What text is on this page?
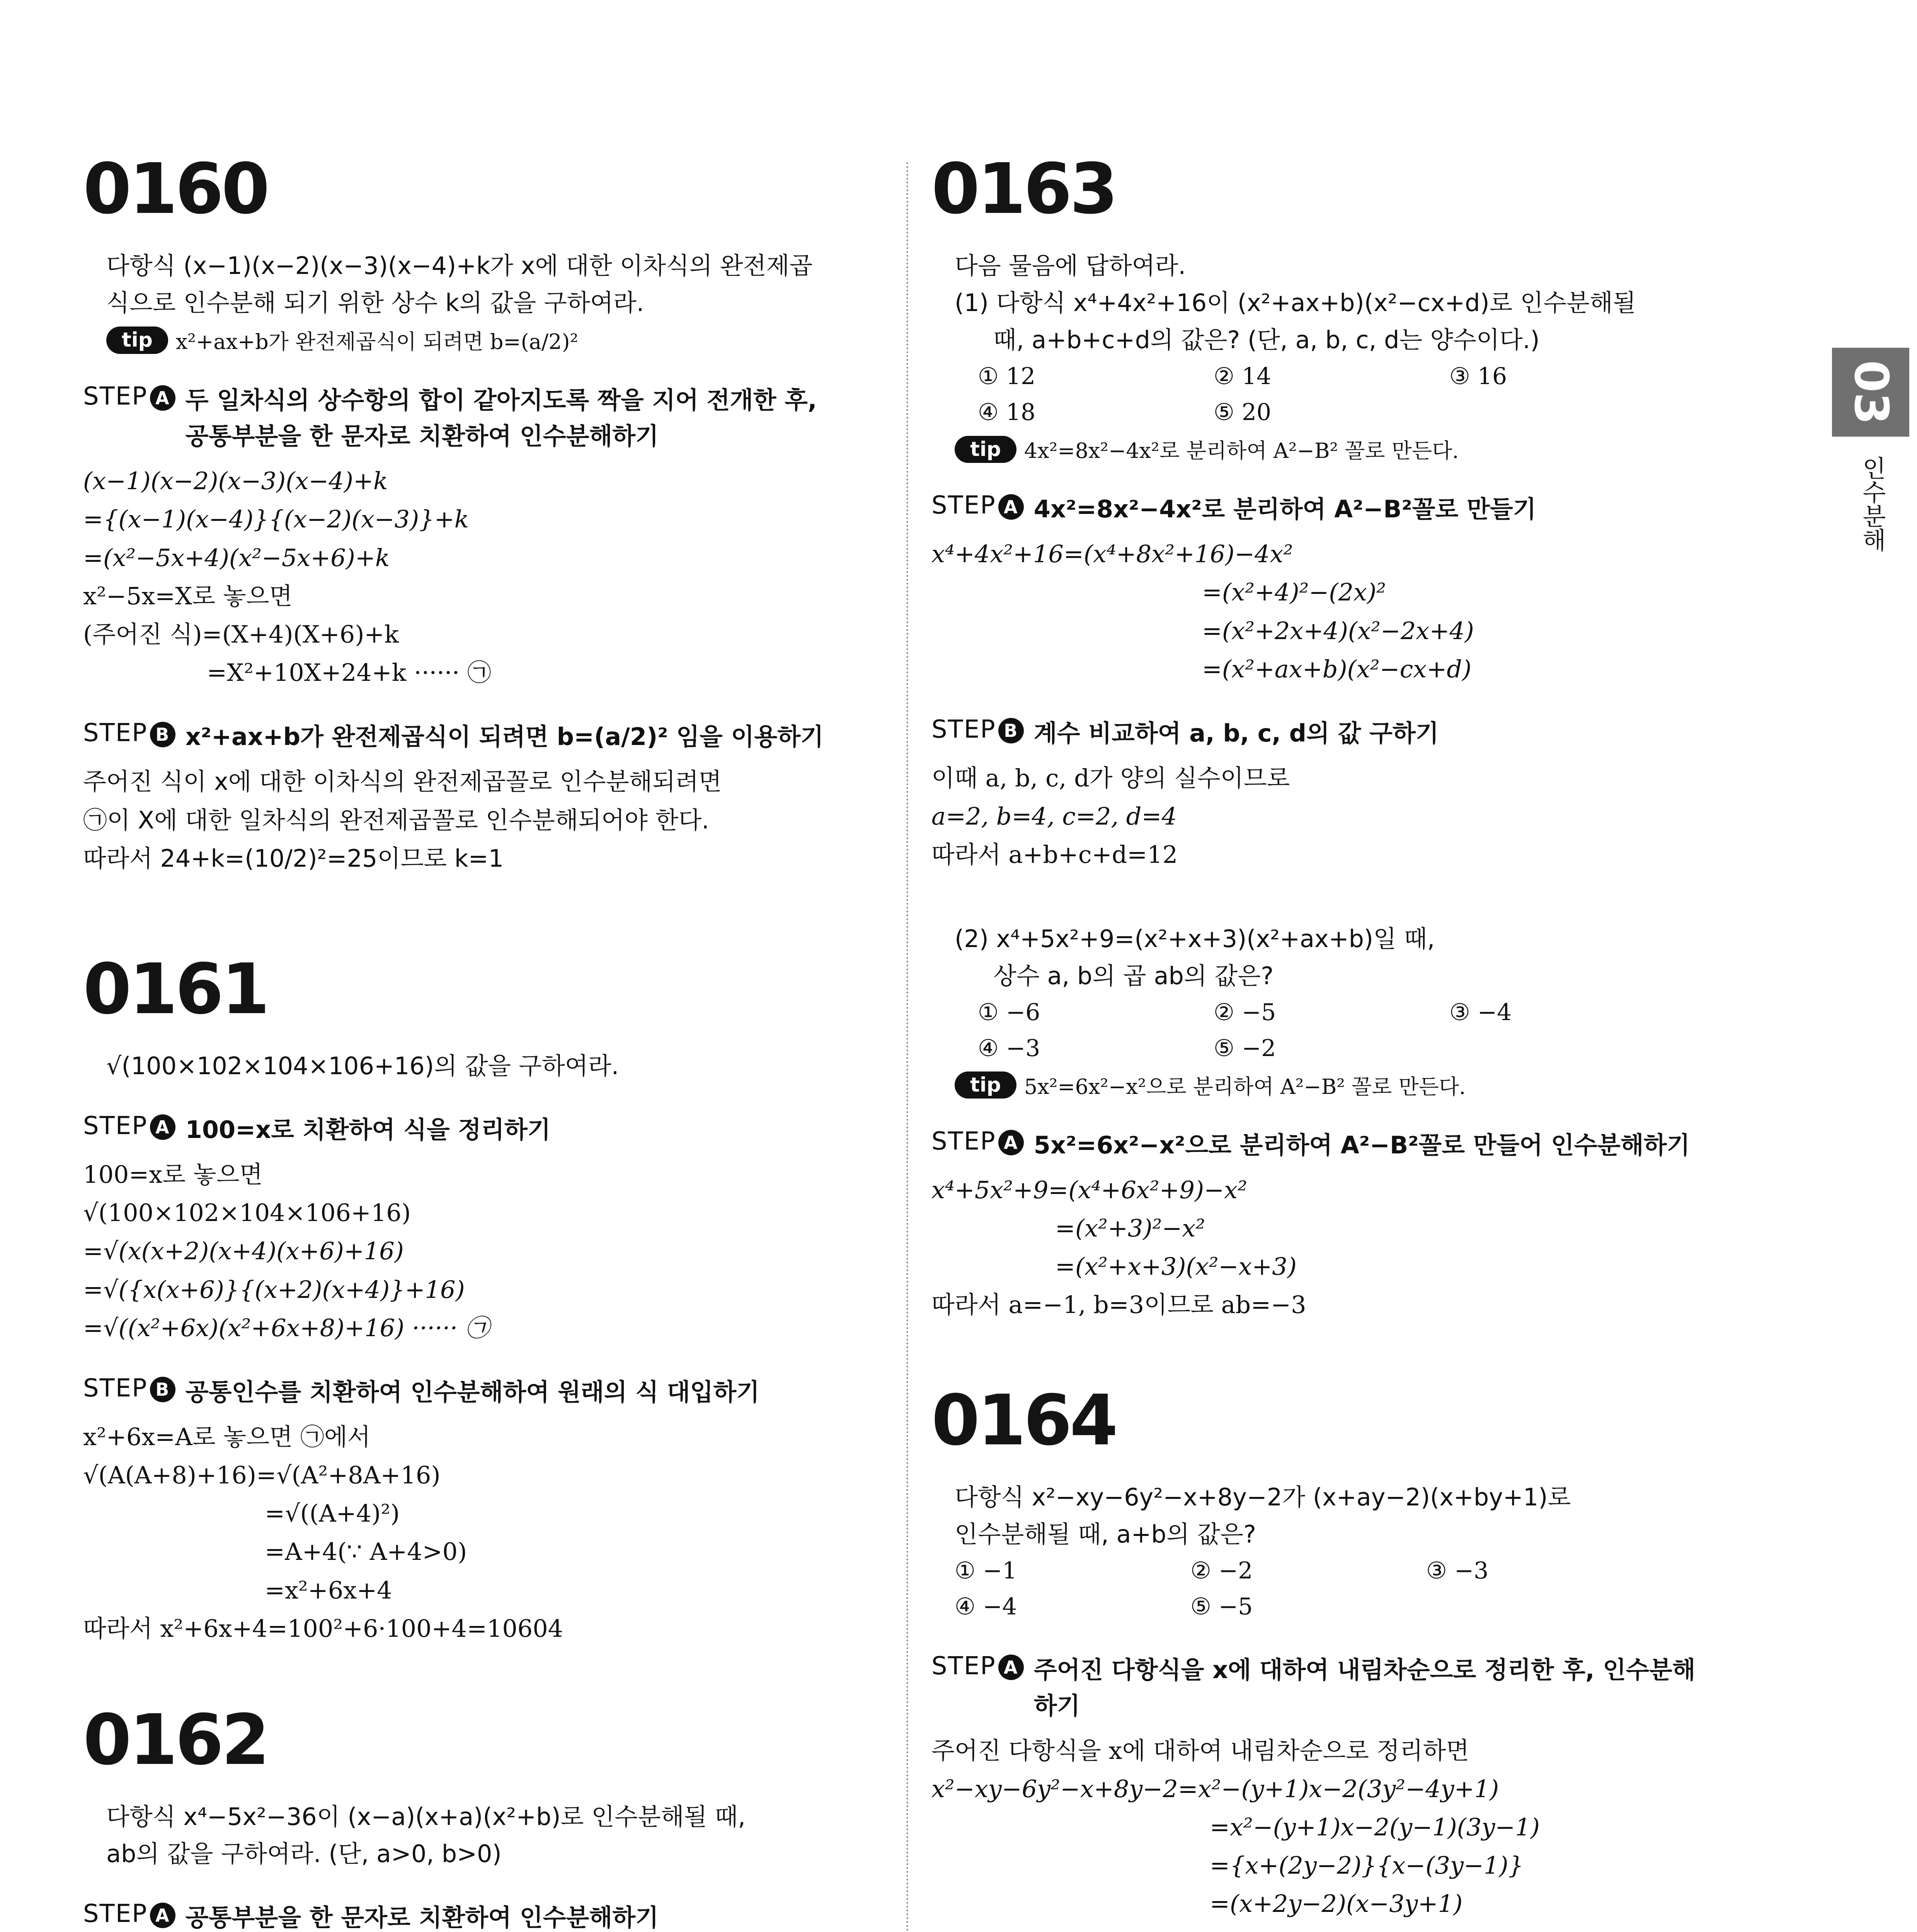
03
인수분해
0160
다항식 (x−1)(x−2)(x−3)(x−4)+k가 x에 대한 이차식의 완전제곱
식으로 인수분해 되기 위한 상수 k의 값을 구하여라.
tip	x²+ax+b가 완전제곱식이 되려면 b=(a/2)²
STEP A 두 일차식의 상수항의 합이 같아지도록 짝을 지어 전개한 후,
공통부분을 한 문자로 치환하여 인수분해하기
(x−1)(x−2)(x−3)(x−4)+k
={(x−1)(x−4)}{(x−2)(x−3)}+k
=(x²−5x+4)(x²−5x+6)+k
x²−5x=X로 놓으면
(주어진 식)=(X+4)(X+6)+k
=X²+10X+24+k ······ ㉠
STEP B x²+ax+b가 완전제곱식이 되려면 b=(a/2)² 임을 이용하기
주어진 식이 x에 대한 이차식의 완전제곱꼴로 인수분해되려면
㉠이 X에 대한 일차식의 완전제곱꼴로 인수분해되어야 한다.
따라서 24+k=(10/2)²=25이므로 k=1
0161
√(100×102×104×106+16)의 값을 구하여라.
STEP A 100=x로 치환하여 식을 정리하기
100=x로 놓으면
√(100×102×104×106+16)
=√(x(x+2)(x+4)(x+6)+16)
=√({x(x+6)}{(x+2)(x+4)}+16)
=√((x²+6x)(x²+6x+8)+16) ······ ㉠
STEP B 공통인수를 치환하여 인수분해하여 원래의 식 대입하기
x²+6x=A로 놓으면 ㉠에서
√(A(A+8)+16)=√(A²+8A+16)
=√((A+4)²)
=A+4(∵ A+4>0)
=x²+6x+4
따라서 x²+6x+4=100²+6·100+4=10604
0162
다항식 x⁴−5x²−36이 (x−a)(x+a)(x²+b)로 인수분해될 때,
ab의 값을 구하여라. (단, a>0, b>0)
STEP A 공통부분을 한 문자로 치환하여 인수분해하기
0163
다음 물음에 답하여라.
(1) 다항식 x⁴+4x²+16이 (x²+ax+b)(x²−cx+d)로 인수분해될
때, a+b+c+d의 값은? (단, a, b, c, d는 양수이다.)
① 12	② 14	③ 16
④ 18	⑤ 20
tip	4x²=8x²−4x²로 분리하여 A²−B² 꼴로 만든다.
STEP A 4x²=8x²−4x²로 분리하여 A²−B²꼴로 만들기
x⁴+4x²+16=(x⁴+8x²+16)−4x²
=(x²+4)²−(2x)²
=(x²+2x+4)(x²−2x+4)
=(x²+ax+b)(x²−cx+d)
STEP B 계수 비교하여 a, b, c, d의 값 구하기
이때 a, b, c, d가 양의 실수이므로
a=2, b=4, c=2, d=4
따라서 a+b+c+d=12
(2) x⁴+5x²+9=(x²+x+3)(x²+ax+b)일 때,
상수 a, b의 곱 ab의 값은?
① −6	② −5	③ −4
④ −3	⑤ −2
tip	5x²=6x²−x²으로 분리하여 A²−B² 꼴로 만든다.
STEP A 5x²=6x²−x²으로 분리하여 A²−B²꼴로 만들어 인수분해하기
x⁴+5x²+9=(x⁴+6x²+9)−x²
=(x²+3)²−x²
=(x²+x+3)(x²−x+3)
따라서 a=−1, b=3이므로 ab=−3
0164
다항식 x²−xy−6y²−x+8y−2가 (x+ay−2)(x+by+1)로
인수분해될 때, a+b의 값은?
① −1	② −2	③ −3
④ −4	⑤ −5
STEP A 주어진 다항식을 x에 대하여 내림차순으로 정리한 후, 인수분해
하기
주어진 다항식을 x에 대하여 내림차순으로 정리하면
x²−xy−6y²−x+8y−2=x²−(y+1)x−2(3y²−4y+1)
=x²−(y+1)x−2(y−1)(3y−1)
={x+(2y−2)}{x−(3y−1)}
=(x+2y−2)(x−3y+1)
